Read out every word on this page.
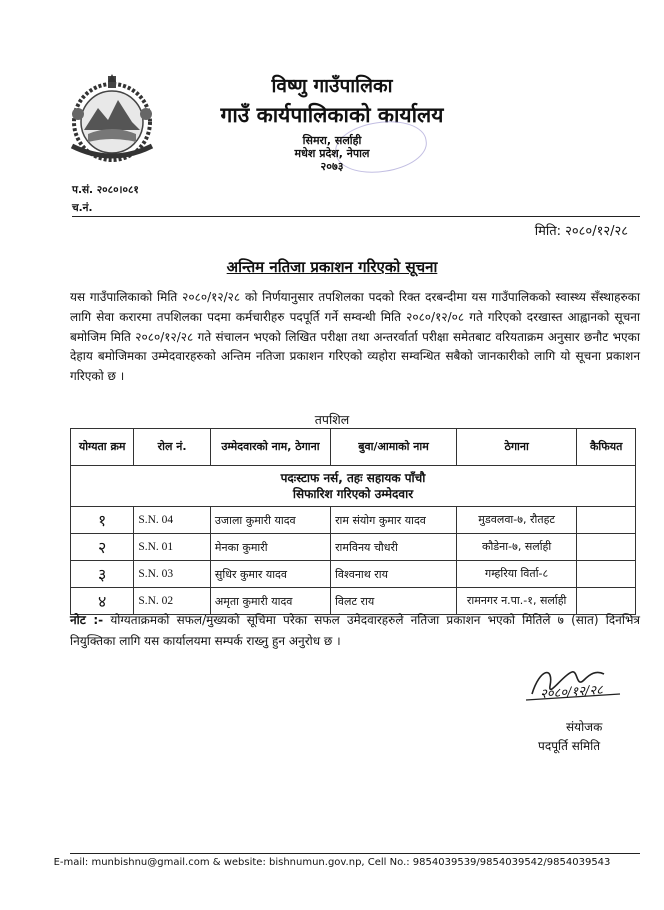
विष्णु गाउँपालिका
गाउँ कार्यपालिकाको कार्यालय
सिमरा, सर्लाही
मधेश प्रदेश, नेपाल
२०७३
प.सं. २०८०।०८१
च.नं.
मिति: २०८०/१२/२८
अन्तिम नतिजा प्रकाशन गरिएको सूचना
यस गाउँपालिकाको मिति २०८०/१२/२८ को निर्णयानुसार तपशिलका पदको रिक्त दरबन्दीमा यस गाउँपालिकको स्वास्थ्य सँस्थाहरुका लागि सेवा करारमा तपशिलका पदमा कर्मचारीहरु पदपूर्ति गर्ने सम्वन्धी मिति २०८०/१२/०८ गते गरिएको दरखास्त आह्वानको सूचना बमोजिम मिति २०८०/१२/२८ गते संचालन भएको लिखित परीक्षा तथा अन्तरर्वार्ता परीक्षा समेतबाट वरियताक्रम अनुसार छनौट भएका देहाय बमोजिमका उम्मेदवारहरुको अन्तिम नतिजा प्रकाशन गरिएको व्यहोरा सम्वन्धित सबैको जानकारीको लागि यो सूचना प्रकाशन गरिएको छ ।
तपशिल
योग्यता क्रम	रोल नं.	उम्मेदवारको नाम, ठेगाना	बुवा/आमाको नाम	ठेगाना	कैफियत

पदःस्टाफ नर्स, तहः सहायक पाँचौ
सिफारिश गरिएको उम्मेदवार					

१	S.N. 04	उजाला कुमारी यादव	राम संयोग कुमार यादव	मुडवलवा-७, रौतहट	
२	S.N. 01	मेनका कुमारी	रामविनय चौधरी	कौडेना-७, सर्लाही	
३	S.N. 03	सुधिर कुमार यादव	विश्वनाथ राय	गम्हरिया विर्ता-८	
४	S.N. 02	अमृता कुमारी यादव	विलट राय	रामनगर न.पा.-१, सर्लाही	
नोट :- योग्यताक्रमको सफल/मुख्यको सूचिमा परेका सफल उमेदवारहरुले नतिजा प्रकाशन भएको मितिले ७ (सात) दिनभित्र नियुक्तिका लागि यस कार्यालयमा सम्पर्क राख्नु हुन अनुरोध छ ।
२०८०/१२/२८
संयोजक
पदपूर्ति समिति
E-mail: munbishnu@gmail.com & website: bishnumun.gov.np, Cell No.: 9854039539/9854039542/9854039543
